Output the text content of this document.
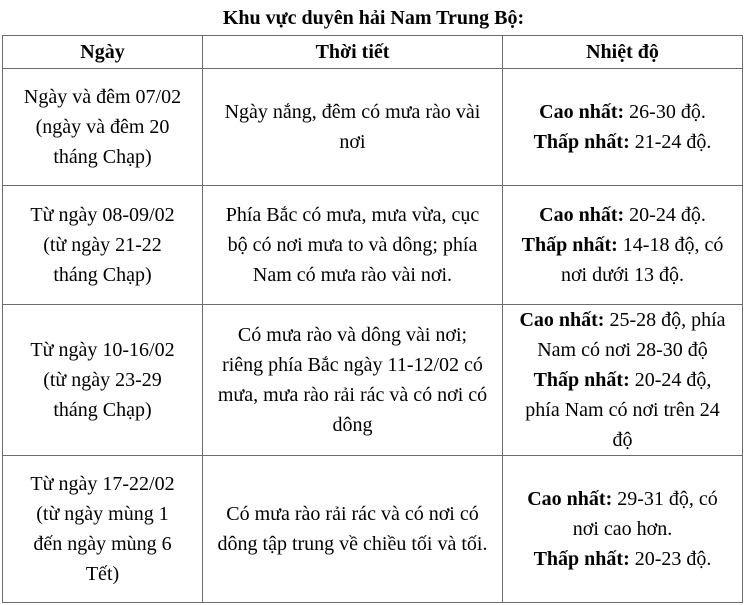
Khu vực duyên hải Nam Trung Bộ:
Ngày	Thời tiết	Nhiệt độ

Ngày và đêm 07/02
(ngày và đêm 20
tháng Chạp)	Ngày nắng, đêm có mưa rào vài
nơi	Cao nhất: 26-30 độ.
Thấp nhất: 21-24 độ.

Từ ngày 08-09/02
(từ ngày 21-22
tháng Chạp)	Phía Bắc có mưa, mưa vừa, cục
bộ có nơi mưa to và dông; phía
Nam có mưa rào vài nơi.	Cao nhất: 20-24 độ.
Thấp nhất: 14-18 độ, có
nơi dưới 13 độ.

Từ ngày 10-16/02
(từ ngày 23-29
tháng Chạp)	Có mưa rào và dông vài nơi;
riêng phía Bắc ngày 11-12/02 có
mưa, mưa rào rải rác và có nơi có
dông	Cao nhất: 25-28 độ, phía
Nam có nơi 28-30 độ
Thấp nhất: 20-24 độ,
phía Nam có nơi trên 24
độ

Từ ngày 17-22/02
(từ ngày mùng 1
đến ngày mùng 6
Tết)	Có mưa rào rải rác và có nơi có
dông tập trung về chiều tối và tối.	Cao nhất: 29-31 độ, có
nơi cao hơn.
Thấp nhất: 20-23 độ.
